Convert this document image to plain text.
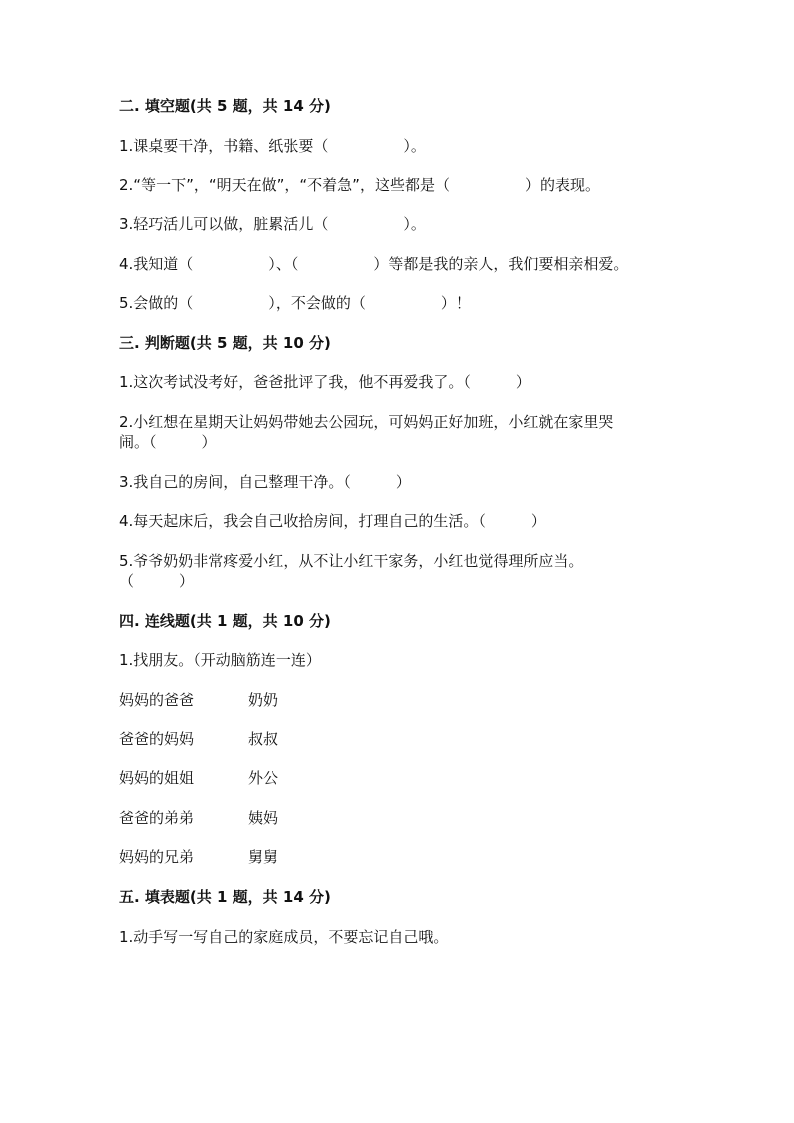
二. 填空题(共 5 题，共 14 分)
1.课桌要干净，书籍、纸张要（　　　　　）。
2.“等一下”，“明天在做”，“不着急”，这些都是（　　　　　）的表现。
3.轻巧活儿可以做，脏累活儿（　　　　　）。
4.我知道（　　　　　）、（　　　　　）等都是我的亲人，我们要相亲相爱。
5.会做的（　　　　　），不会做的（　　　　　）！
三. 判断题(共 5 题，共 10 分)
1.这次考试没考好，爸爸批评了我，他不再爱我了。（　　　）
2.小红想在星期天让妈妈带她去公园玩，可妈妈正好加班，小红就在家里哭
闹。（　　　）
3.我自己的房间，自己整理干净。（　　　）
4.每天起床后，我会自己收拾房间，打理自己的生活。（　　　）
5.爷爷奶奶非常疼爱小红，从不让小红干家务，小红也觉得理所应当。
（　　　）
四. 连线题(共 1 题，共 10 分)
1.找朋友。（开动脑筋连一连）
妈妈的爸爸	奶奶
爸爸的妈妈	叔叔
妈妈的姐姐	外公
爸爸的弟弟	姨妈
妈妈的兄弟	舅舅
五. 填表题(共 1 题，共 14 分)
1.动手写一写自己的家庭成员，不要忘记自己哦。
